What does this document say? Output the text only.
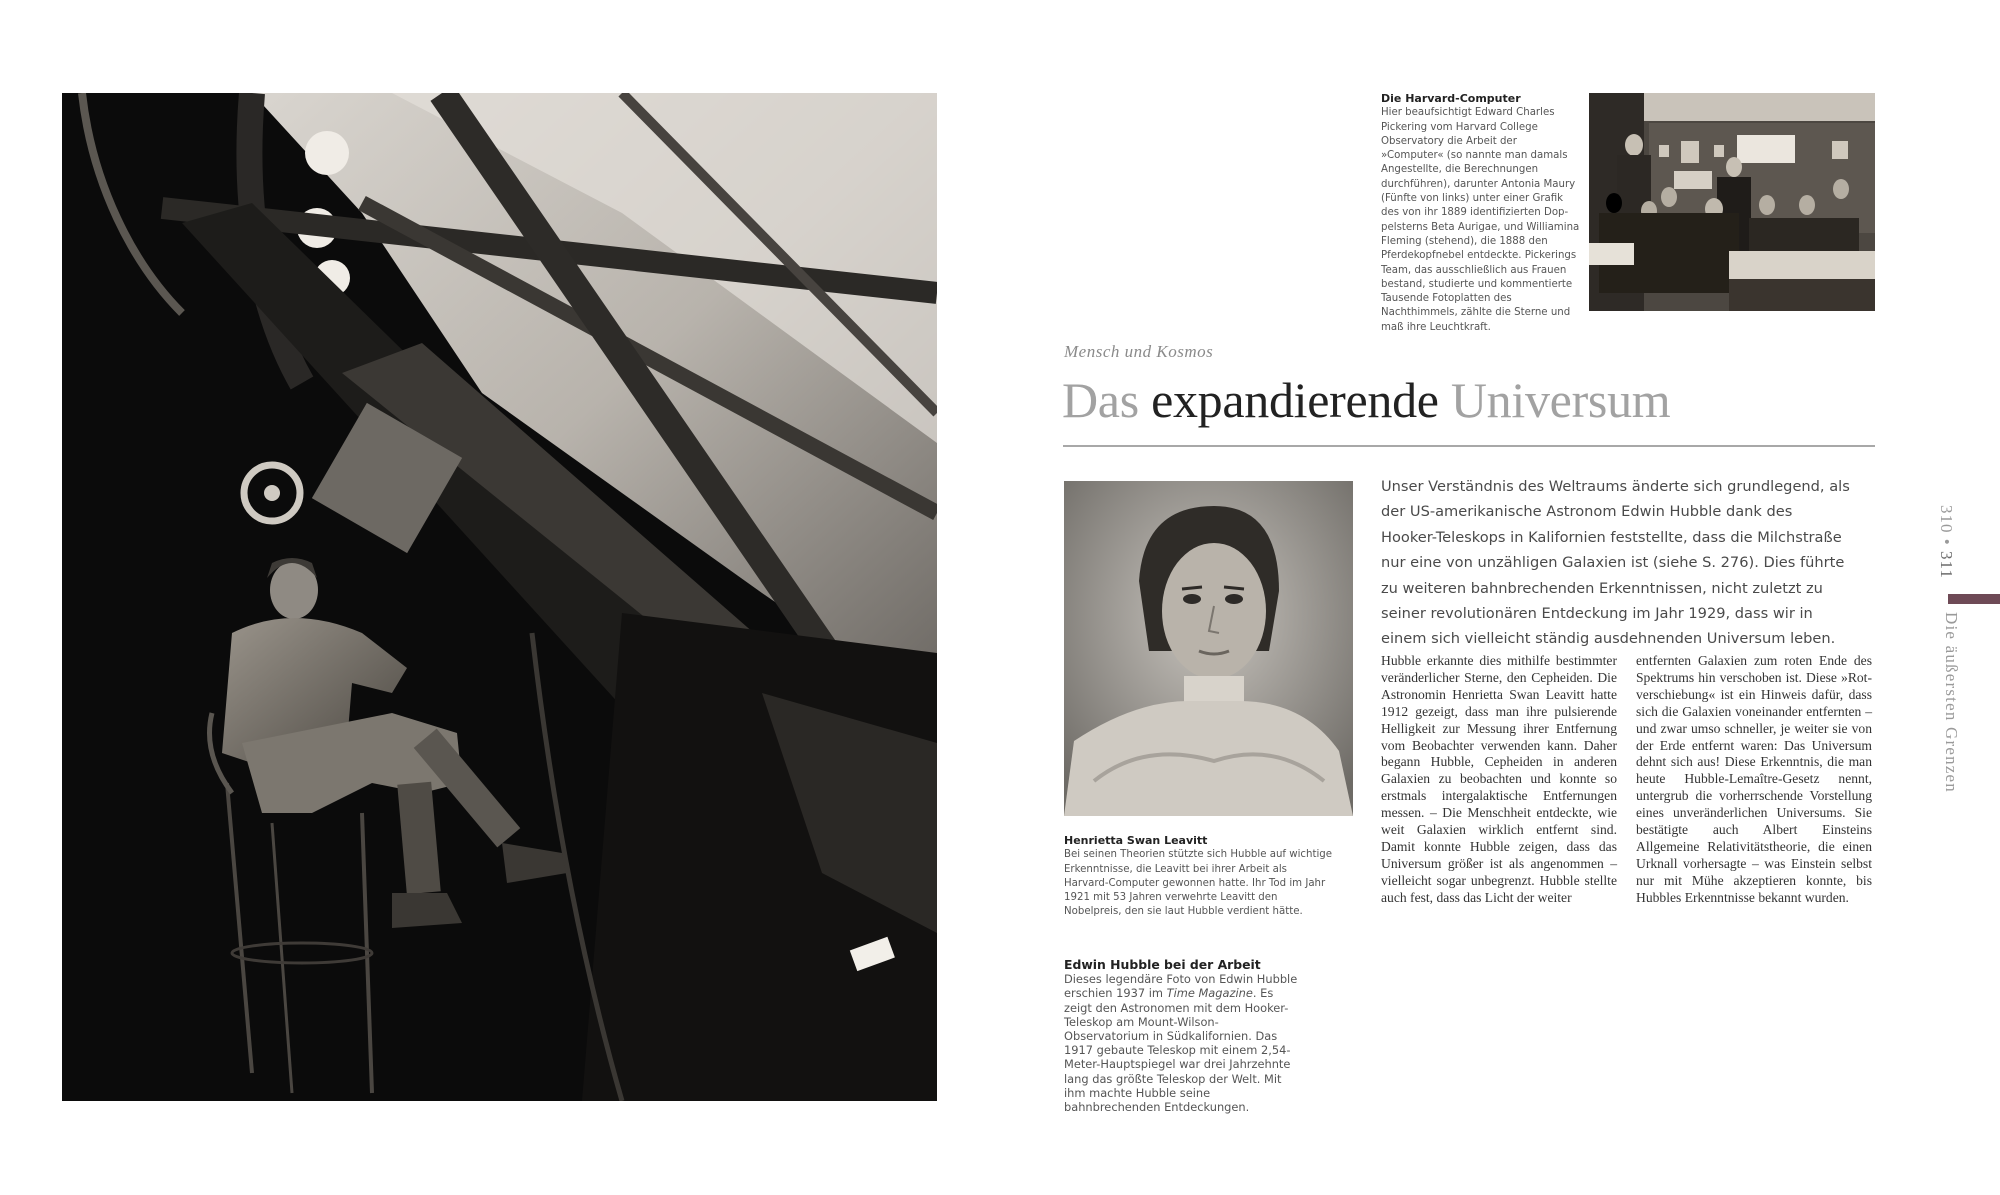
Die Harvard-Computer
Hier beaufsichtigt Edward Charles Pickering vom Harvard College Observatory die Arbeit der »Computer« (so nannte man damals Angestellte, die Berechnungen durchführen), darunter Antonia Maury (Fünfte von links) unter einer Grafik des von ihr 1889 identifizierten Doppelsterns Beta Aurigae, und Williamina Fleming (stehend), die 1888 den Pferdekopfnebel entdeckte. Pickerings Team, das ausschließlich aus Frauen bestand, studierte und kommentierte Tausende Fotoplatten des Nachthimmels, zählte die Sterne und maß ihre Leuchtkraft.
Mensch und Kosmos
Das expandierende Universum
Henrietta Swan Leavitt
Bei seinen Theorien stützte sich Hubble auf wichtige Erkenntnisse, die Leavitt bei ihrer Arbeit als Harvard-Computer gewonnen hatte. Ihr Tod im Jahr 1921 mit 53 Jahren verwehrte Leavitt den Nobelpreis, den sie laut Hubble verdient hätte.
Unser Verständnis des Weltraums änderte sich grundlegend, als der US-amerikanische Astronom Edwin Hubble dank des Hooker-Teleskops in Kalifornien feststellte, dass die Milchstraße nur eine von unzähligen Galaxien ist (siehe S. 276). Dies führte zu weiteren bahnbrechenden Erkenntnissen, nicht zuletzt zu seiner revolutionären Entdeckung im Jahr 1929, dass wir in einem sich vielleicht ständig ausdehnenden Universum leben.
Hubble erkannte dies mithilfe bestimmter veränderlicher Sterne, den Cepheiden. Die Astronomin Henrietta Swan Leavitt hatte 1912 gezeigt, dass man ihre pulsierende Helligkeit zur Messung ihrer Entfernung vom Beobachter verwenden kann. Daher begann Hubble, Cepheiden in anderen Galaxien zu beobachten und konnte so erstmals intergalaktische Entfernungen messen. – Die Menschheit entdeckte, wie weit Galaxien wirklich entfernt sind. Damit konnte Hubble zeigen, dass das Universum größer ist als angenommen – vielleicht sogar unbegrenzt. Hubble stellte auch fest, dass das Licht der weiter
entfernten Galaxien zum roten Ende des Spektrums hin verschoben ist. Diese »Rotverschiebung« ist ein Hinweis dafür, dass sich die Galaxien voneinander entfernten – und zwar umso schneller, je weiter sie von der Erde entfernt waren: Das Universum dehnt sich aus! Diese Erkenntnis, die man heute Hubble-Lemaître-Gesetz nennt, untergrub die vorherrschende Vorstellung eines unveränderlichen Universums. Sie bestätigte auch Albert Einsteins Allgemeine Relativitätstheorie, die einen Urknall vorhersagte – was Einstein selbst nur mit Mühe akzeptieren konnte, bis Hubbles Erkenntnisse bekannt wurden.
Edwin Hubble bei der Arbeit
Dieses legendäre Foto von Edwin Hubble erschien 1937 im Time Magazine. Es zeigt den Astronomen mit dem Hooker-Teleskop am Mount-Wilson-Observatorium in Südkalifornien. Das 1917 gebaute Teleskop mit einem 2,54-Meter-Hauptspiegel war drei Jahrzehnte lang das größte Teleskop der Welt. Mit ihm machte Hubble seine bahnbrechenden Entdeckungen.
310 • 311
Die äußersten Grenzen
